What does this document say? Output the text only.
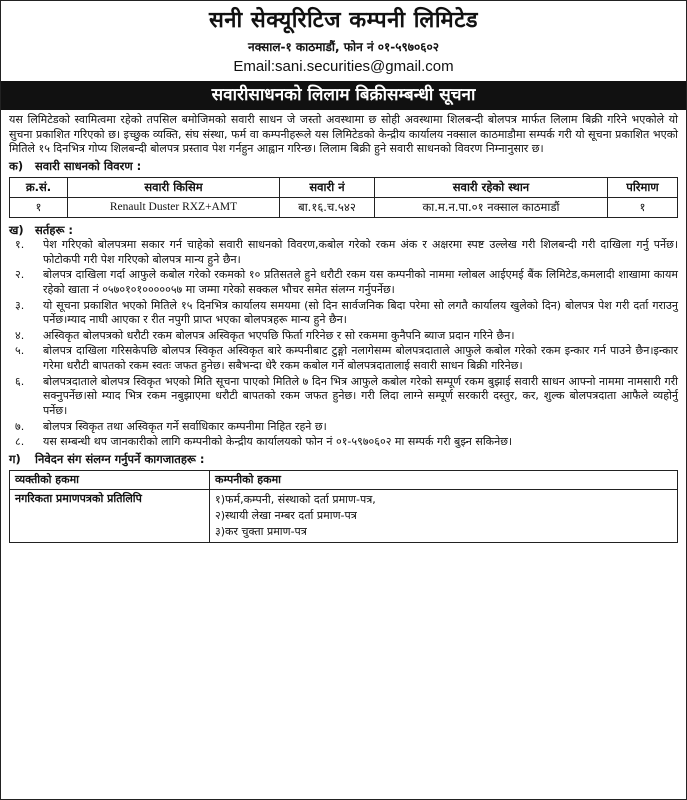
सनी सेक्यूरिटिज कम्पनी लिमिटेड
नक्साल-१ काठमाडौं, फोन नं ०१-५९७०६०२
Email:sani.securities@gmail.com
सवारीसाधनको लिलाम बिक्रीसम्बन्धी सूचना

यस लिमिटेडको स्वामित्वमा रहेको तपसिल बमोजिमको सवारी साधन जे जस्तो अवस्थामा छ सोही अवस्थामा शिलबन्दी बोलपत्र मार्फत लिलाम बिक्री गरिने भएकोले यो सुचना प्रकाशित गरिएको छ। इच्छुक व्यक्ति, संघ संस्था, फर्म वा कम्पनीहरूले यस लिमिटेडको केन्द्रीय कार्यालय नक्साल काठमाडौमा सम्पर्क गरी यो सूचना प्रकाशित भएको मितिले १५ दिनभित्र गोप्य शिलबन्दी बोलपत्र प्रस्ताव पेश गर्नहुन आह्वान गरिन्छ। लिलाम बिक्री हुने सवारी साधनको विवरण निम्नानुसार छ।

क) सवारी साधनको विवरण :
क्र.सं.	सवारी किसिम	सवारी नं	सवारी रहेको स्थान	परिमाण
१	Renault Duster RXZ+AMT	बा.१६.च.५४२	का.म.न.पा.०१ नक्साल काठमाडौं	१
ख) सर्तहरू :
१.	पेश गरिएको बोलपत्रमा सकार गर्न चाहेको सवारी साधनको विवरण,कबोल गरेको रकम अंक र अक्षरमा स्पष्ट उल्लेख गरी शिलबन्दी गरी दाखिला गर्नु पर्नेछ।फोटोकपी गरी पेश गरिएको बोलपत्र मान्य हुने छैन।
२.	बोलपत्र दाखिला गर्दा आफुले कबोल गरेको रकमको १० प्रतिसतले हुने धरौटी रकम यस कम्पनीको नाममा ग्लोबल आईएमई बैंक लिमिटेड,कमलादी शाखामा कायम रहेको खाता नं ०५७०१०१०००००५७ मा जम्मा गरेको सक्कल भौचर समेत संलग्न गर्नुपर्नेछ।
३.	यो सूचना प्रकाशित भएको मितिले १५ दिनभित्र कार्यालय समयमा (सो दिन सार्वजनिक बिदा परेमा सो लगतै कार्यालय खुलेको दिन) बोलपत्र पेश गरी दर्ता गराउनु पर्नेछ।म्याद नाघी आएका र रीत नपुगी प्राप्त भएका बोलपत्रहरू मान्य हुने छैन।
४.	अस्विकृत बोलपत्रको धरौटी रकम बोलपत्र अस्विकृत भएपछि फिर्ता गरिनेछ र सो रकममा कुनैपनि ब्याज प्रदान गरिने छैन।
५.	बोलपत्र दाखिला गरिसकेपछि बोलपत्र स्विकृत अस्विकृत बारे कम्पनीबाट टुङ्गो नलागेसम्म बोलपत्रदाताले आफुले कबोल गरेको रकम इन्कार गर्न पाउने छैन।इन्कार गरेमा धरौटी बापतको रकम स्वतः जफत हुनेछ। सबैभन्दा धेरै रकम कबोल गर्ने बोलपत्रदातालाई सवारी साधन बिक्री गरिनेछ।
६.	बोलपत्रदाताले बोलपत्र स्विकृत भएको मिति सूचना पाएको मितिले ७ दिन भित्र आफुले कबोल गरेको सम्पूर्ण रकम बुझाई सवारी साधन आफ्नो नाममा नामसारी गरी सक्नुपर्नेछ।सो म्याद भित्र रकम नबुझाएमा धरौटी बापतको रकम जफत हुनेछ। गरी लिदा लाग्ने सम्पूर्ण सरकारी दस्तुर, कर, शुल्क बोलपत्रदाता आफैले व्यहोर्नु पर्नेछ।
७.	बोलपत्र स्विकृत तथा अस्विकृत गर्ने सर्वाधिकार कम्पनीमा निहित रहने छ।
८.	यस सम्बन्धी थप जानकारीको लागि कम्पनीको केन्द्रीय कार्यालयको फोन नं ०१-५९७०६०२ मा सम्पर्क गरी बुझ्न सकिनेछ।
ग) निवेदन संग संलग्न गर्नुपर्ने कागजातहरू :
व्यक्तीको हकमा	कम्पनीको हकमा
नगरिकता प्रमाणपत्रको प्रतिलिपि	१)फर्म,कम्पनी, संस्थाको दर्ता प्रमाण-पत्र,
२)स्थायी लेखा नम्बर दर्ता प्रमाण-पत्र
३)कर चुक्ता प्रमाण-पत्र
